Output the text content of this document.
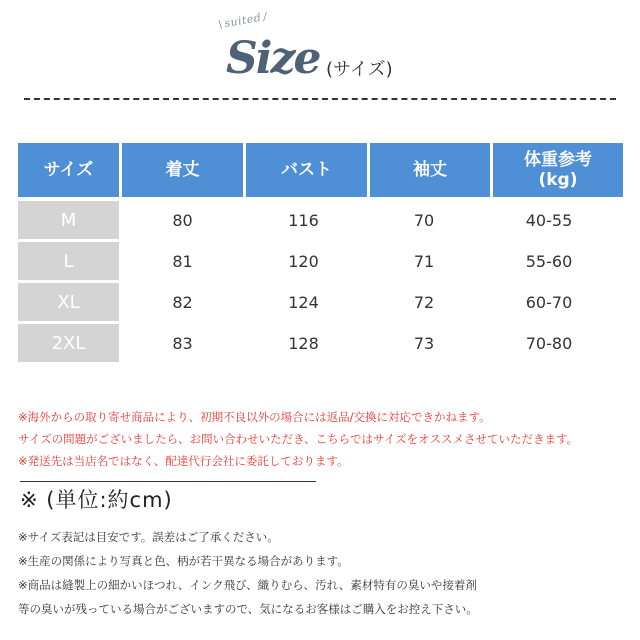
\ suited /
Size (サイズ)
サイズ	着丈	バスト	袖丈	体重参考
(kg)
M	80	116	70	40-55
L	81	120	71	55-60
XL	82	124	72	60-70
2XL	83	128	73	70-80
※海外からの取り寄せ商品により、初期不良以外の場合には返品/交換に対応できかねます。
サイズの問題がございましたら、お問い合わせいただき、こちらではサイズをオススメさせていただきます。
※発送先は当店名ではなく、配達代行会社に委託しております。
※ (単位:約cm)
※サイズ表記は目安です。誤差はご了承ください。
※生産の関係により写真と色、柄が若干異なる場合があります。
※商品は縫製上の細かいほつれ、インク飛び、織りむら、汚れ、素材特有の臭いや接着剤
等の臭いが残っている場合がございますので、気になるお客様はご購入をお控え下さい。
